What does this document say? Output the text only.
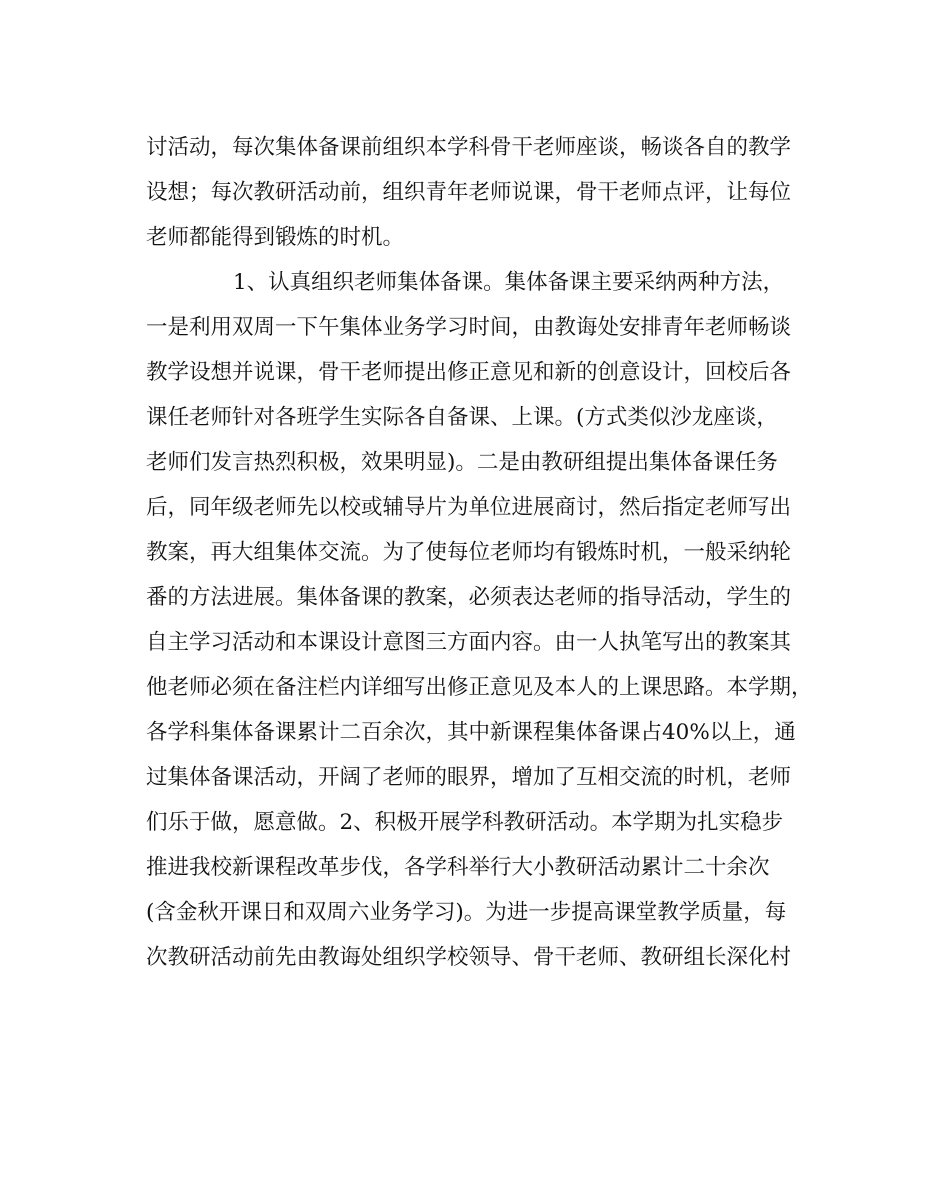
讨活动，每次集体备课前组织本学科骨干老师座谈，畅谈各自的教学
设想；每次教研活动前，组织青年老师说课，骨干老师点评，让每位
老师都能得到锻炼的时机。
1、认真组织老师集体备课。集体备课主要采纳两种方法，
一是利用双周一下午集体业务学习时间，由教诲处安排青年老师畅谈
教学设想并说课，骨干老师提出修正意见和新的创意设计，回校后各
课任老师针对各班学生实际各自备课、上课。(方式类似沙龙座谈，
老师们发言热烈积极，效果明显)。二是由教研组提出集体备课任务
后，同年级老师先以校或辅导片为单位进展商讨，然后指定老师写出
教案，再大组集体交流。为了使每位老师均有锻炼时机，一般采纳轮
番的方法进展。集体备课的教案，必须表达老师的指导活动，学生的
自主学习活动和本课设计意图三方面内容。由一人执笔写出的教案其
他老师必须在备注栏内详细写出修正意见及本人的上课思路。本学期，
各学科集体备课累计二百余次，其中新课程集体备课占40%以上，通
过集体备课活动，开阔了老师的眼界，增加了互相交流的时机，老师
们乐于做，愿意做。2、积极开展学科教研活动。本学期为扎实稳步
推进我校新课程改革步伐，各学科举行大小教研活动累计二十余次
(含金秋开课日和双周六业务学习)。为进一步提高课堂教学质量，每
次教研活动前先由教诲处组织学校领导、骨干老师、教研组长深化村
